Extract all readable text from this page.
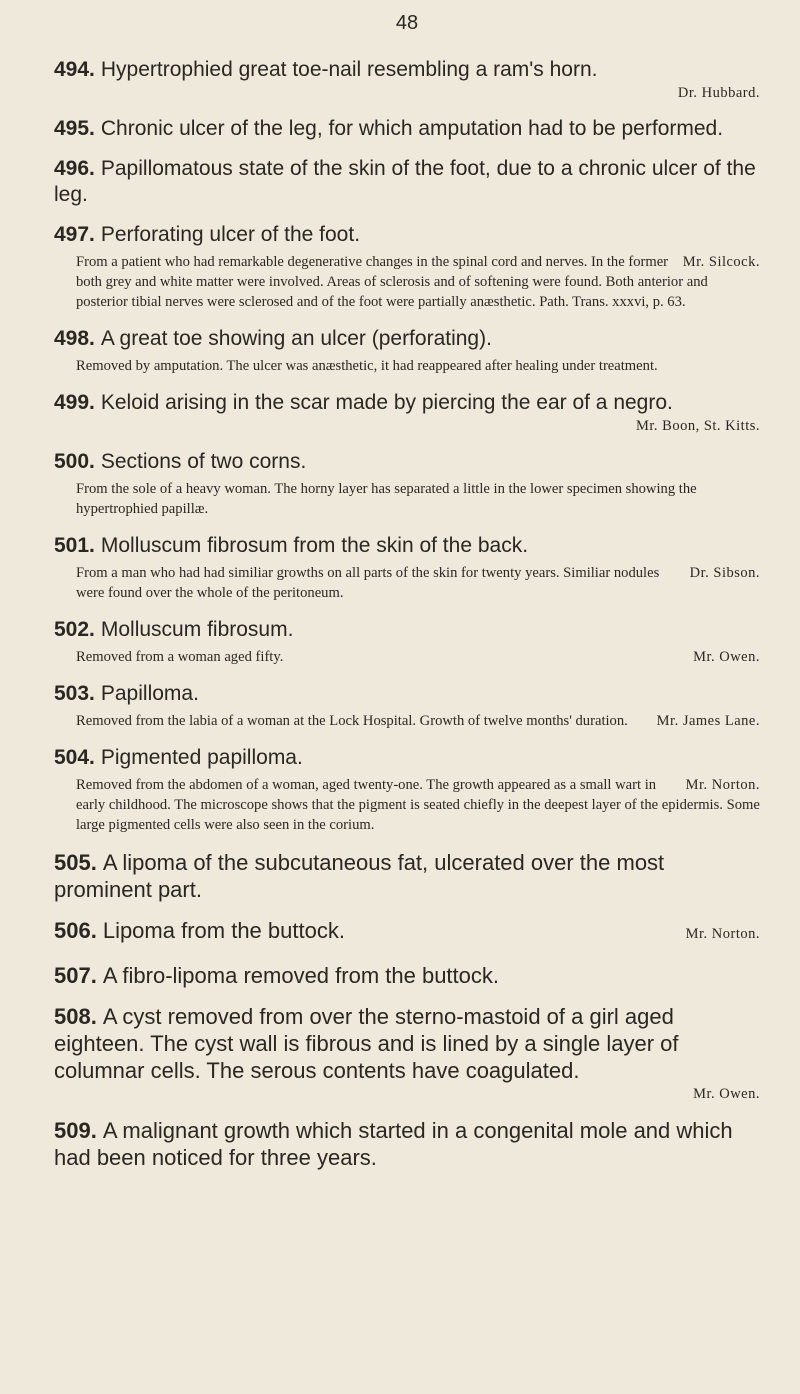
48

494. Hypertrophied great toe-nail resembling a ram's horn.

Dr. Hubbard.

495. Chronic ulcer of the leg, for which amputation had to be performed.

496. Papillomatous state of the skin of the foot, due to a chronic ulcer of the leg.

497. Perforating ulcer of the foot.

Mr. Silcock.
From a patient who had remarkable degenerative changes in the spinal cord and nerves. In the former both grey and white matter were involved. Areas of sclerosis and of softening were found. Both anterior and posterior tibial nerves were sclerosed and of the foot were partially anæsthetic. Path. Trans. xxxvi, p. 63.

498. A great toe showing an ulcer (perforating).

Removed by amputation. The ulcer was anæsthetic, it had reappeared after healing under treatment.

499. Keloid arising in the scar made by piercing the ear of a negro.

Mr. Boon, St. Kitts.

500. Sections of two corns.

From the sole of a heavy woman. The horny layer has separated a little in the lower specimen showing the hypertrophied papillæ.

501. Molluscum fibrosum from the skin of the back.

Dr. Sibson.
From a man who had had similiar growths on all parts of the skin for twenty years. Similiar nodules were found over the whole of the peritoneum.

502. Molluscum fibrosum.

Mr. Owen.
Removed from a woman aged fifty.

503. Papilloma.

Mr. James Lane.
Removed from the labia of a woman at the Lock Hospital. Growth of twelve months' duration.

504. Pigmented papilloma.

Mr. Norton.
Removed from the abdomen of a woman, aged twenty-one. The growth appeared as a small wart in early childhood. The microscope shows that the pigment is seated chiefly in the deepest layer of the epidermis. Some large pigmented cells were also seen in the corium.

505. A lipoma of the subcutaneous fat, ulcerated over the most prominent part.

Mr. Norton.
506. Lipoma from the buttock.

507. A fibro-lipoma removed from the buttock.

508. A cyst removed from over the sterno-mastoid of a girl aged eighteen. The cyst wall is fibrous and is lined by a single layer of columnar cells. The serous contents have coagulated.

Mr. Owen.

509. A malignant growth which started in a congenital mole and which had been noticed for three years.
